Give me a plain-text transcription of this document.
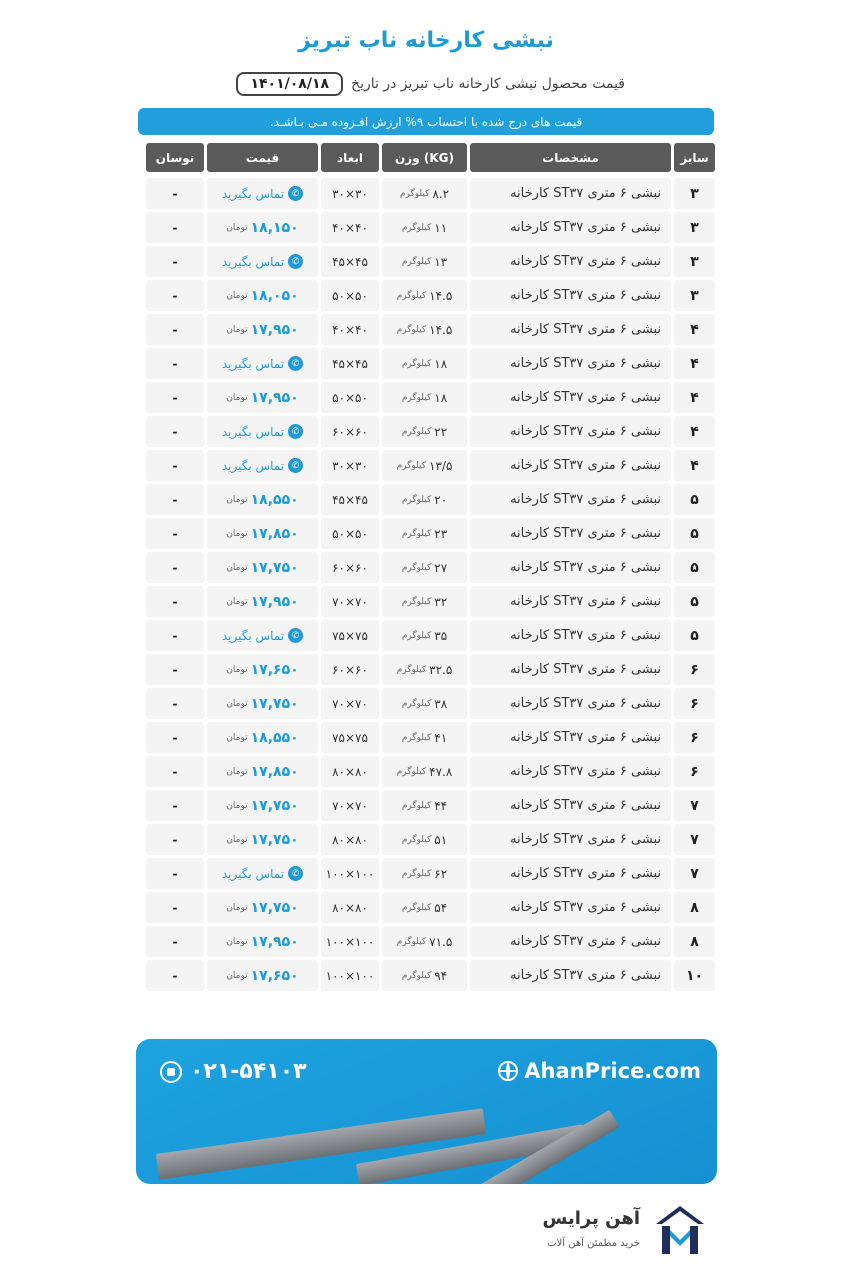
نبشی کارخانه ناب تبریز
قیمت محصول نبشی کارخانه ناب تبریز در تاریخ
۱۴۰۱/۰۸/۱۸
قیمت های درج شده با احتساب ۹% ارزش افـزوده مـی بـاشـد.
سایز
مشخصات
وزن (KG)
ابعاد
قیمت
نوسان
۳
نبشی ۶ متری ST۳۷ کارخانه
۸.۲
کیلوگرم
۳۰×۳۰
✆
تماس بگیرید
-
۳
نبشی ۶ متری ST۳۷ کارخانه
۱۱
کیلوگرم
۴۰×۴۰
۱۸,۱۵۰
تومان
-
۳
نبشی ۶ متری ST۳۷ کارخانه
۱۳
کیلوگرم
۴۵×۴۵
✆
تماس بگیرید
-
۳
نبشی ۶ متری ST۳۷ کارخانه
۱۴.۵
کیلوگرم
۵۰×۵۰
۱۸,۰۵۰
تومان
-
۴
نبشی ۶ متری ST۳۷ کارخانه
۱۴.۵
کیلوگرم
۴۰×۴۰
۱۷,۹۵۰
تومان
-
۴
نبشی ۶ متری ST۳۷ کارخانه
۱۸
کیلوگرم
۴۵×۴۵
✆
تماس بگیرید
-
۴
نبشی ۶ متری ST۳۷ کارخانه
۱۸
کیلوگرم
۵۰×۵۰
۱۷,۹۵۰
تومان
-
۴
نبشی ۶ متری ST۳۷ کارخانه
۲۲
کیلوگرم
۶۰×۶۰
✆
تماس بگیرید
-
۴
نبشی ۶ متری ST۳۷ کارخانه
۱۳/۵
کیلوگرم
۳۰×۳۰
✆
تماس بگیرید
-
۵
نبشی ۶ متری ST۳۷ کارخانه
۲۰
کیلوگرم
۴۵×۴۵
۱۸,۵۵۰
تومان
-
۵
نبشی ۶ متری ST۳۷ کارخانه
۲۳
کیلوگرم
۵۰×۵۰
۱۷,۸۵۰
تومان
-
۵
نبشی ۶ متری ST۳۷ کارخانه
۲۷
کیلوگرم
۶۰×۶۰
۱۷,۷۵۰
تومان
-
۵
نبشی ۶ متری ST۳۷ کارخانه
۳۲
کیلوگرم
۷۰×۷۰
۱۷,۹۵۰
تومان
-
۵
نبشی ۶ متری ST۳۷ کارخانه
۳۵
کیلوگرم
۷۵×۷۵
✆
تماس بگیرید
-
۶
نبشی ۶ متری ST۳۷ کارخانه
۳۲.۵
کیلوگرم
۶۰×۶۰
۱۷,۶۵۰
تومان
-
۶
نبشی ۶ متری ST۳۷ کارخانه
۳۸
کیلوگرم
۷۰×۷۰
۱۷,۷۵۰
تومان
-
۶
نبشی ۶ متری ST۳۷ کارخانه
۴۱
کیلوگرم
۷۵×۷۵
۱۸,۵۵۰
تومان
-
۶
نبشی ۶ متری ST۳۷ کارخانه
۴۷.۸
کیلوگرم
۸۰×۸۰
۱۷,۸۵۰
تومان
-
۷
نبشی ۶ متری ST۳۷ کارخانه
۴۴
کیلوگرم
۷۰×۷۰
۱۷,۷۵۰
تومان
-
۷
نبشی ۶ متری ST۳۷ کارخانه
۵۱
کیلوگرم
۸۰×۸۰
۱۷,۷۵۰
تومان
-
۷
نبشی ۶ متری ST۳۷ کارخانه
۶۲
کیلوگرم
۱۰۰×۱۰۰
✆
تماس بگیرید
-
۸
نبشی ۶ متری ST۳۷ کارخانه
۵۴
کیلوگرم
۸۰×۸۰
۱۷,۷۵۰
تومان
-
۸
نبشی ۶ متری ST۳۷ کارخانه
۷۱.۵
کیلوگرم
۱۰۰×۱۰۰
۱۷,۹۵۰
تومان
-
۱۰
نبشی ۶ متری ST۳۷ کارخانه
۹۴
کیلوگرم
۱۰۰×۱۰۰
۱۷,۶۵۰
تومان
-
۰۲۱-۵۴۱۰۳	AhanPrice.com
آهن پرایس
خرید مطمئن آهن آلات
